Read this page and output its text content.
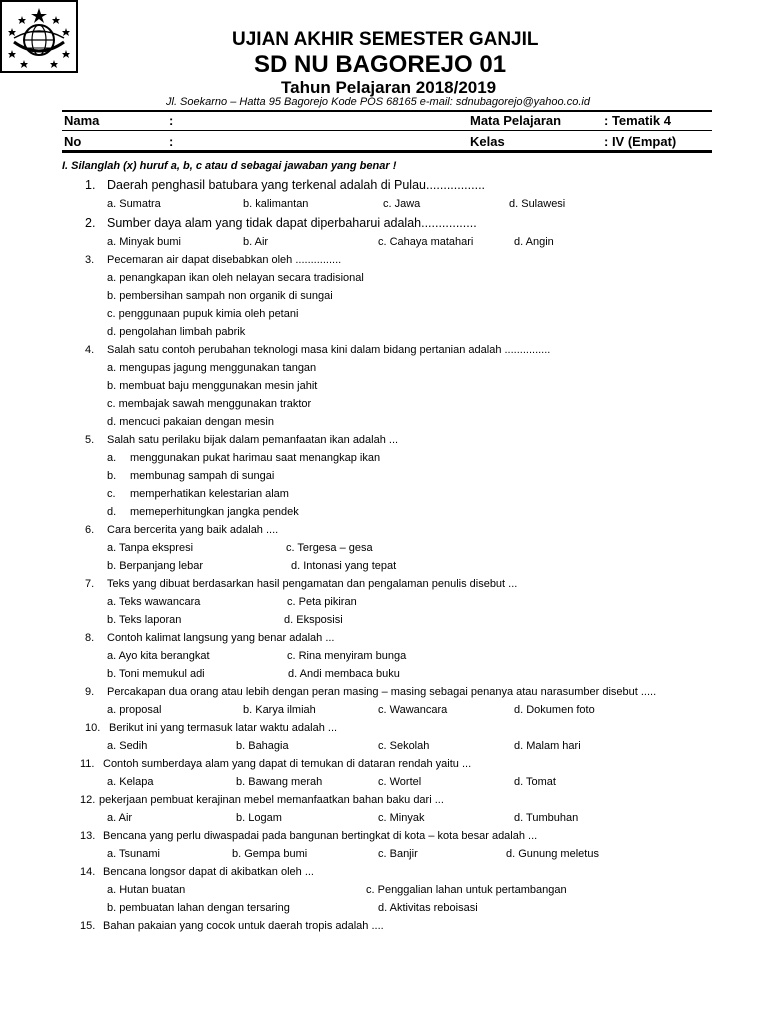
UJIAN AKHIR SEMESTER GANJIL
SD NU BAGOREJO 01
Tahun Pelajaran 2018/2019
Jl. Soekarno – Hatta 95 Bagorejo Kode POS 68165 e-mail: sdnubagorejo@yahoo.co.id
Nama	:	Mata Pelajaran	: Tematik 4
No	:	Kelas	: IV (Empat)
I. Silanglah (x) huruf a, b, c atau d sebagai jawaban yang benar !
1. Daerah penghasil batubara yang terkenal adalah di Pulau.................
a. Sumatra	b. kalimantan	c. Jawa	d. Sulawesi
2. Sumber daya alam yang tidak dapat diperbaharui adalah................
a. Minyak bumi	b. Air	c. Cahaya matahari	d. Angin
3. Pecemaran air dapat disebabkan oleh ...............
a. penangkapan ikan oleh nelayan secara tradisional
b. pembersihan sampah non organik di sungai
c. penggunaan pupuk kimia oleh petani
d. pengolahan limbah pabrik
4. Salah satu contoh perubahan teknologi masa kini dalam bidang pertanian adalah ...............
a. mengupas jagung menggunakan tangan
b. membuat baju menggunakan mesin jahit
c. membajak sawah menggunakan traktor
d. mencuci pakaian dengan mesin
5. Salah satu perilaku bijak dalam pemanfaatan ikan adalah ...
a. menggunakan pukat harimau saat menangkap ikan
b. membunag sampah di sungai
c. memperhatikan kelestarian alam
d. memeperhitungkan jangka pendek
6. Cara bercerita yang baik adalah ....
a. Tanpa ekspresi	c. Tergesa – gesa
b. Berpanjang lebar	d. Intonasi yang tepat
7. Teks yang dibuat berdasarkan hasil pengamatan dan pengalaman penulis disebut ...
a. Teks wawancara	c. Peta pikiran
b. Teks laporan	d. Eksposisi
8. Contoh kalimat langsung yang benar adalah ...
a. Ayo kita berangkat	c. Rina menyiram bunga
b. Toni memukul adi	d. Andi membaca buku
9. Percakapan dua orang atau lebih dengan peran masing – masing sebagai penanya atau narasumber disebut .....
a. proposal	b. Karya ilmiah	c. Wawancara	d. Dokumen foto
10. Berikut ini yang termasuk latar waktu adalah ...
a. Sedih	b. Bahagia	c. Sekolah	d. Malam hari
11. Contoh sumberdaya alam yang dapat di temukan di dataran rendah yaitu ...
a. Kelapa	b. Bawang merah	c. Wortel	d. Tomat
12. pekerjaan pembuat kerajinan mebel memanfaatkan bahan baku dari ...
a. Air	b. Logam	c. Minyak	d. Tumbuhan
13. Bencana yang perlu diwaspadai pada bangunan bertingkat di kota – kota besar adalah ...
a. Tsunami	b. Gempa bumi	c. Banjir	d. Gunung meletus
14. Bencana longsor dapat di akibatkan oleh ...
a. Hutan buatan	c. Penggalian lahan untuk pertambangan
b. pembuatan lahan dengan tersaring	d. Aktivitas reboisasi
15. Bahan pakaian yang cocok untuk daerah tropis adalah ....
